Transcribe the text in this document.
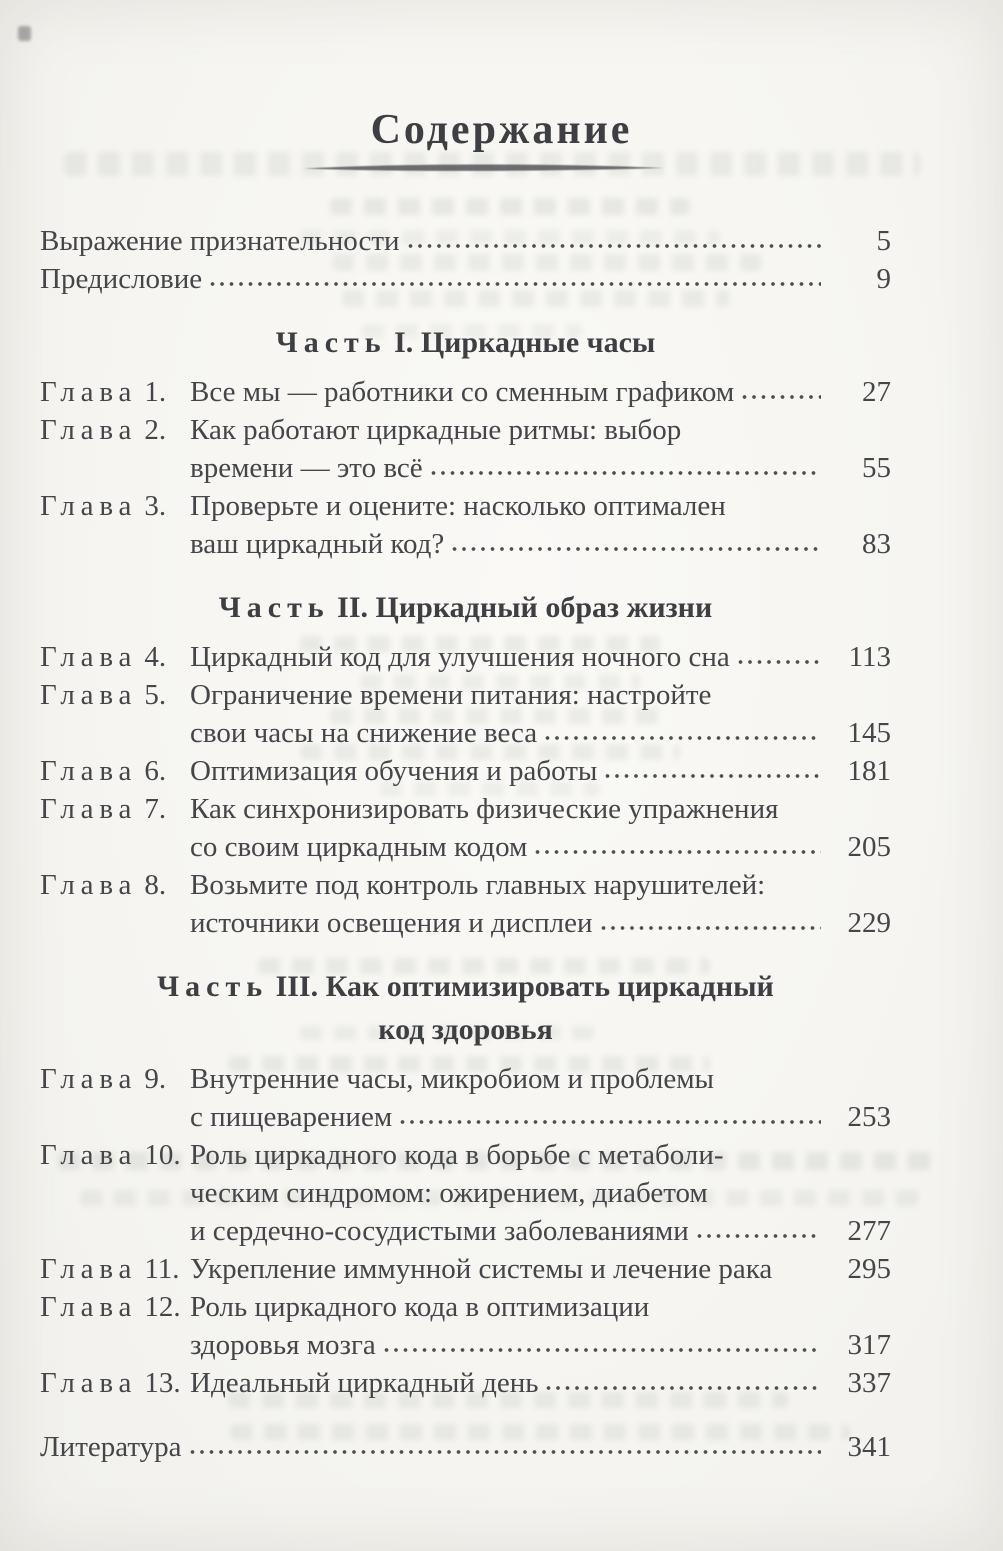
Содержание
Выражение признательности	5
Предисловие	9
Часть I. Циркадные часы
Глава 1. Все мы — работники со сменным графиком	27
Глава 2. Как работают циркадные ритмы: выбор
времени — это всё	55
Глава 3. Проверьте и оцените: насколько оптимален
ваш циркадный код?	83
Часть II. Циркадный образ жизни
Глава 4. Циркадный код для улучшения ночного сна	113
Глава 5. Ограничение времени питания: настройте
свои часы на снижение веса	145
Глава 6. Оптимизация обучения и работы	181
Глава 7. Как синхронизировать физические упражнения
со своим циркадным кодом	205
Глава 8. Возьмите под контроль главных нарушителей:
источники освещения и дисплеи	229
Часть III. Как оптимизировать циркадный
код здоровья
Глава 9. Внутренние часы, микробиом и проблемы
с пищеварением	253
Глава 10. Роль циркадного кода в борьбе с метаболи-
ческим синдромом: ожирением, диабетом
и сердечно-сосудистыми заболеваниями	277
Глава 11. Укрепление иммунной системы и лечение рака	295
Глава 12. Роль циркадного кода в оптимизации
здоровья мозга	317
Глава 13. Идеальный циркадный день	337
Литература	341
